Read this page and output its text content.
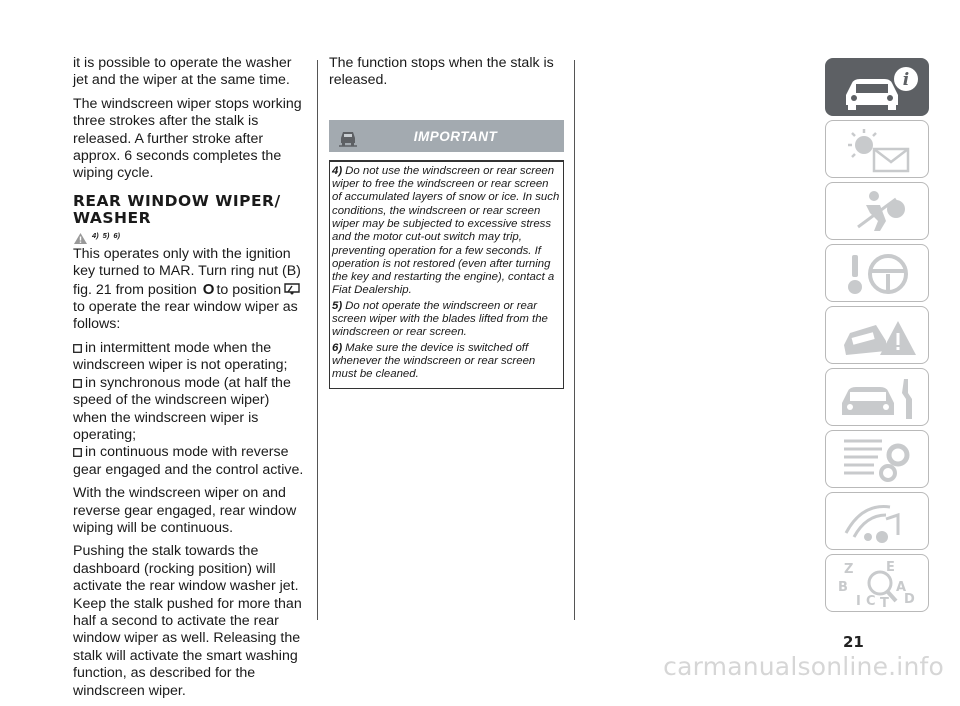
it is possible to operate the washer jet and the wiper at the same time.

The windscreen wiper stops working three strokes after the stalk is released. A further stroke after approx. 6 seconds completes the wiping cycle.

REAR WINDOW WIPER/ WASHER
4) 5) 6)

This operates only with the ignition key turned to MAR. Turn ring nut (B) fig. 21 from position O to position to operate the rear window wiper as follows:

in intermittent mode when the windscreen wiper is not operating;
in synchronous mode (at half the speed of the windscreen wiper) when the windscreen wiper is operating;
in continuous mode with reverse gear engaged and the control active.

With the windscreen wiper on and reverse gear engaged, rear window wiping will be continuous.

Pushing the stalk towards the dashboard (rocking position) will activate the rear window washer jet. Keep the stalk pushed for more than half a second to activate the rear window wiper as well. Releasing the stalk will activate the smart washing function, as described for the windscreen wiper.

The function stops when the stalk is released.

IMPORTANT

4) Do not use the windscreen or rear screen wiper to free the windscreen or rear screen of accumulated layers of snow or ice. In such conditions, the windscreen or rear screen wiper may be subjected to excessive stress and the motor cut-out switch may trip, preventing operation for a few seconds. If operation is not restored (even after turning the key and restarting the engine), contact a Fiat Dealership.

5) Do not operate the windscreen or rear screen wiper with the blades lifted from the windscreen or rear screen.

6) Make sure the device is switched off whenever the windscreen or rear screen must be cleaned.

i
Z	E
B	A
I C T D
21
carmanualsonline.info
